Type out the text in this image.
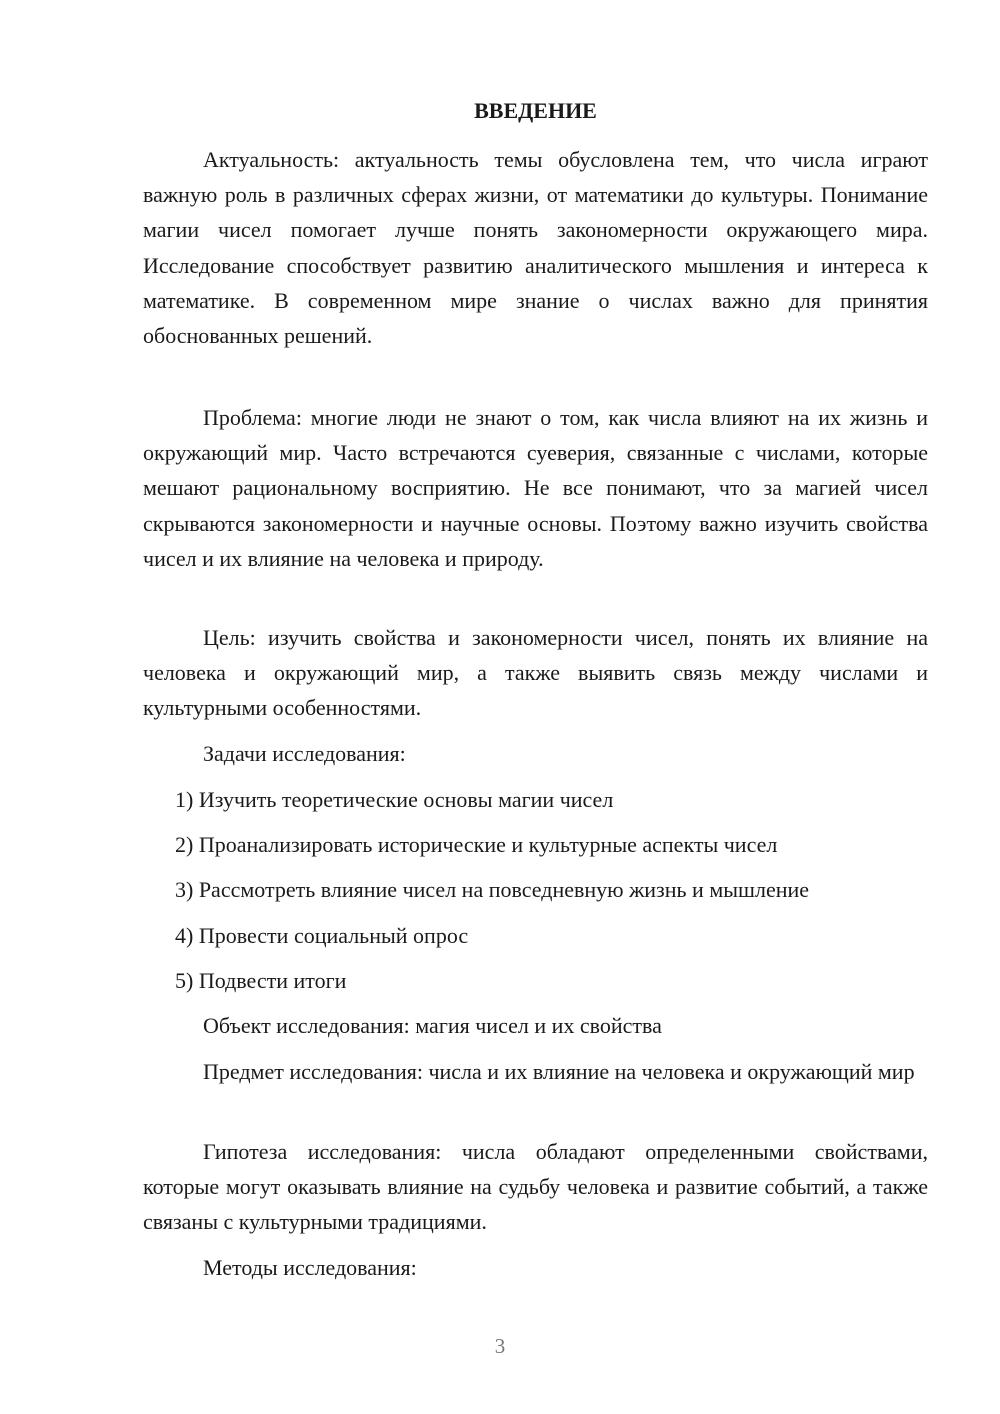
ВВЕДЕНИЕ

Актуальность: актуальность темы обусловлена тем, что числа играют важную роль в различных сферах жизни, от математики до культуры. Понимание магии чисел помогает лучше понять закономерности окружающего мира. Исследование способствует развитию аналитического мышления и интереса к математике. В современном мире знание о числах важно для принятия обоснованных решений.

Проблема: многие люди не знают о том, как числа влияют на их жизнь и окружающий мир. Часто встречаются суеверия, связанные с числами, которые мешают рациональному восприятию. Не все понимают, что за магией чисел скрываются закономерности и научные основы. Поэтому важно изучить свойства чисел и их влияние на человека и природу.

Цель: изучить свойства и закономерности чисел, понять их влияние на человека и окружающий мир, а также выявить связь между числами и культурными особенностями.

Задачи исследования:

1) Изучить теоретические основы магии чисел

2) Проанализировать исторические и культурные аспекты чисел

3) Рассмотреть влияние чисел на повседневную жизнь и мышление

4) Провести социальный опрос

5) Подвести итоги

Объект исследования: магия чисел и их свойства

Предмет исследования: числа и их влияние на человека и окружающий мир

Гипотеза исследования: числа обладают определенными свойствами, которые могут оказывать влияние на судьбу человека и развитие событий, а также связаны с культурными традициями.

Методы исследования:

3
